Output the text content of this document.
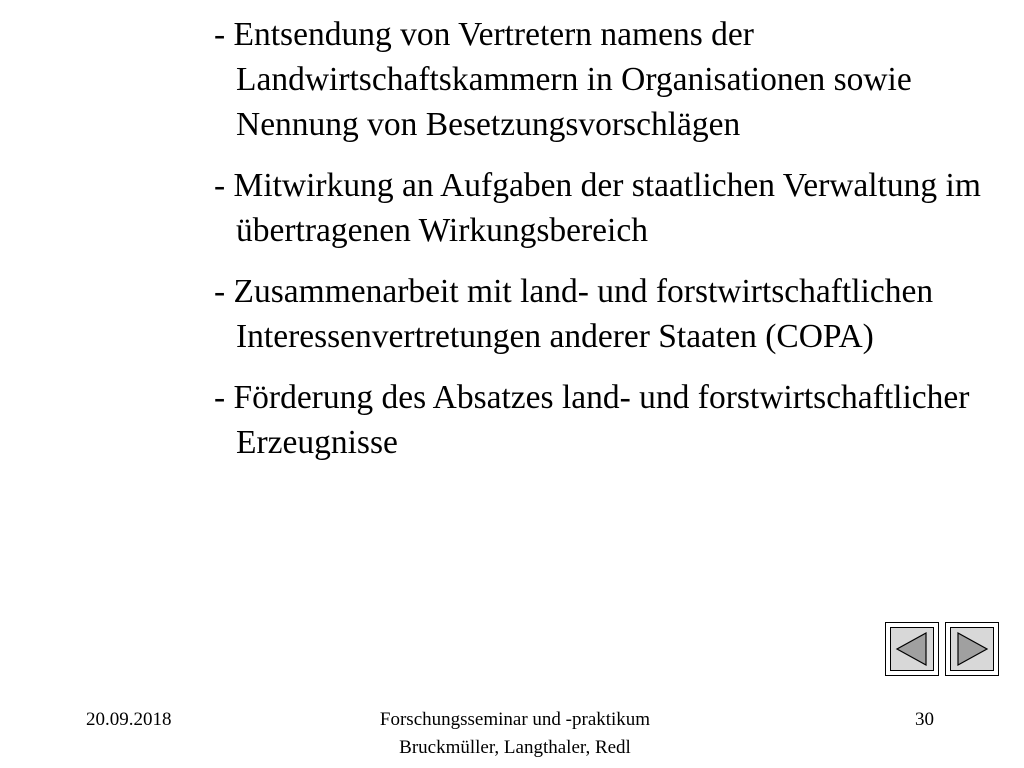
- Entsendung von Vertretern namens der Landwirtschaftskammern in Organisationen sowie Nennung von Besetzungsvorschlägen

- Mitwirkung an Aufgaben der staatlichen Verwaltung im übertragenen Wirkungsbereich

- Zusammenarbeit mit land- und forstwirtschaftlichen Interessenvertretungen anderer Staaten (COPA)

- Förderung des Absatzes land- und forstwirtschaftlicher Erzeugnisse

20.09.2018	Forschungsseminar und -praktikum
Bruckmüller, Langthaler, Redl
30
